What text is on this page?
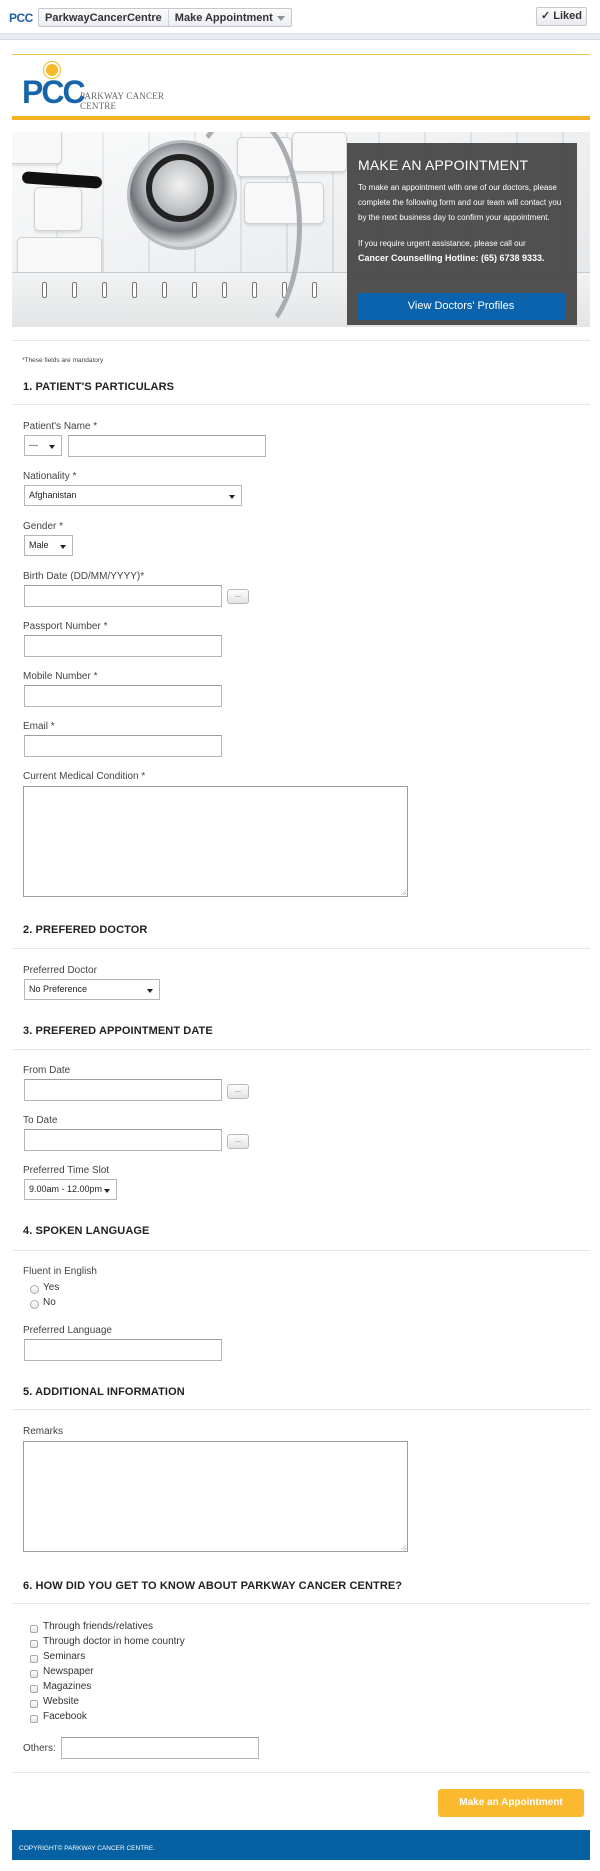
PCC	ParkwayCancerCentre	Make Appointment	✓ Liked
PCC
PARKWAY CANCER CENTRE
MAKE AN APPOINTMENT

To make an appointment with one of our doctors, please

complete the following form and our team will contact you

by the next business day to confirm your appointment.

If you require urgent assistance, please call our

Cancer Counselling Hotline: (65) 6738 9333.

View Doctors' Profiles
*These fields are mandatory
1. PATIENT'S PARTICULARS
Patient's Name *
---
Nationality *
Afghanistan
Gender *
Male
Birth Date (DD/MM/YYYY)*
...
Passport Number *
Mobile Number *
Email *
Current Medical Condition *
2. PREFERED DOCTOR
Preferred Doctor
No Preference
3. PREFERED APPOINTMENT DATE
From Date
...
To Date
...
Preferred Time Slot
9.00am - 12.00pm
4. SPOKEN LANGUAGE
Fluent in English
Yes
No
Preferred Language
5. ADDITIONAL INFORMATION
Remarks
6. HOW DID YOU GET TO KNOW ABOUT PARKWAY CANCER CENTRE?
Through friends/relatives
Through doctor in home country
Seminars
Newspaper
Magazines
Website
Facebook
Others:
Make an Appointment
COPYRIGHT© PARKWAY CANCER CENTRE.
